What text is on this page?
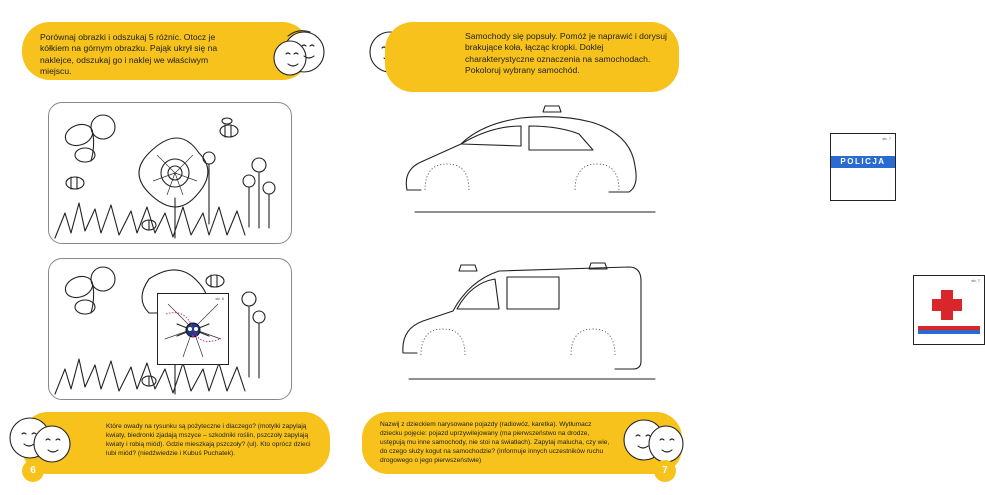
Porównaj obrazki i odszukaj 5 różnic. Otocz je kółkiem na górnym obrazku. Pająk ukrył się na naklejce, odszukaj go i naklej we właściwym miejscu.
str. 6
Które owady na rysunku są pożyteczne i dlaczego? (motylki zapylają kwiaty, biedronki zjadają mszyce – szkodniki roślin, pszczoły zapylają kwiaty i robią miód). Gdzie mieszkają pszczoły? (ul). Kto oprócz dzieci lubi miód? (niedźwiedzie i Kubuś Puchatek).
6
Samochody się popsuły. Pomóż je naprawić i dorysuj brakujące koła, łącząc kropki. Doklej charakterystyczne oznaczenia na samochodach. Pokoloruj wybrany samochód.
str. 7
POLICJA
str. 7
Nazwij z dzieckiem narysowane pojazdy (radiowóz, karetka). Wytłumacz dziecku pojęcie: pojazd uprzywilejowany (ma pierwszeństwo na drodze, ustępują mu inne samochody, nie stoi na światłach). Zapytaj malucha, czy wie, do czego służy kogut na samochodzie? (informuje innych uczestników ruchu drogowego o jego pierwszeństwie)
7
